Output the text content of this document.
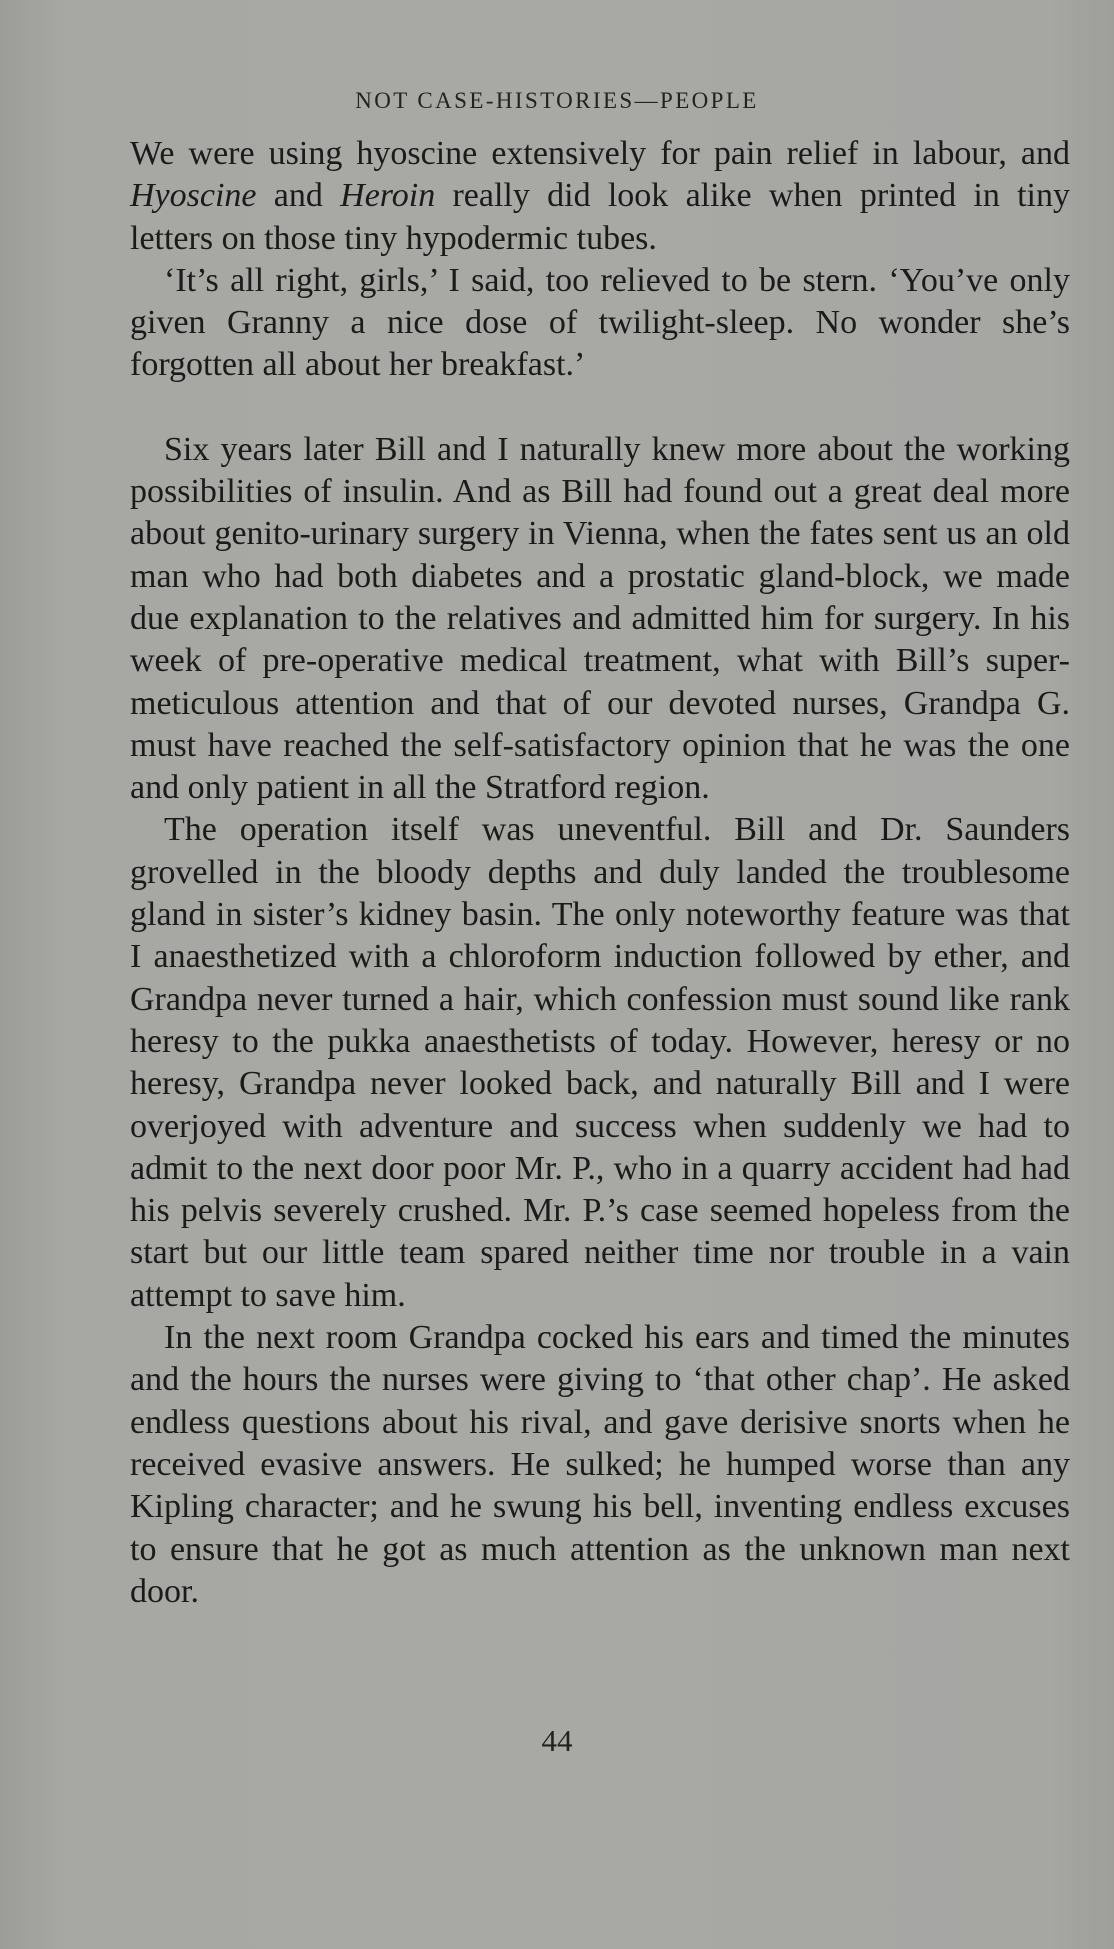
NOT CASE-HISTORIES—PEOPLE

We were using hyoscine extensively for pain relief in labour, and Hyoscine and Heroin really did look alike when printed in tiny letters on those tiny hypodermic tubes.

‘It’s all right, girls,’ I said, too relieved to be stern. ‘You’ve only given Granny a nice dose of twilight-sleep. No wonder she’s forgotten all about her breakfast.’

Six years later Bill and I naturally knew more about the working possibilities of insulin. And as Bill had found out a great deal more about genito-urinary surgery in Vienna, when the fates sent us an old man who had both diabetes and a prostatic gland-block, we made due explanation to the relatives and admitted him for surgery. In his week of pre-operative medical treatment, what with Bill’s super-meticulous attention and that of our devoted nurses, Grandpa G. must have reached the self-satisfactory opinion that he was the one and only patient in all the Stratford region.

The operation itself was uneventful. Bill and Dr. Saunders grovelled in the bloody depths and duly landed the troublesome gland in sister’s kidney basin. The only noteworthy feature was that I anaesthetized with a chloroform induction followed by ether, and Grandpa never turned a hair, which confession must sound like rank heresy to the pukka anaesthetists of today. However, heresy or no heresy, Grandpa never looked back, and naturally Bill and I were overjoyed with adventure and success when suddenly we had to admit to the next door poor Mr. P., who in a quarry accident had had his pelvis severely crushed. Mr. P.’s case seemed hopeless from the start but our little team spared neither time nor trouble in a vain attempt to save him.

In the next room Grandpa cocked his ears and timed the minutes and the hours the nurses were giving to ‘that other chap’. He asked endless questions about his rival, and gave derisive snorts when he received evasive answers. He sulked; he humped worse than any Kipling character; and he swung his bell, inventing endless excuses to ensure that he got as much attention as the unknown man next door.

44
